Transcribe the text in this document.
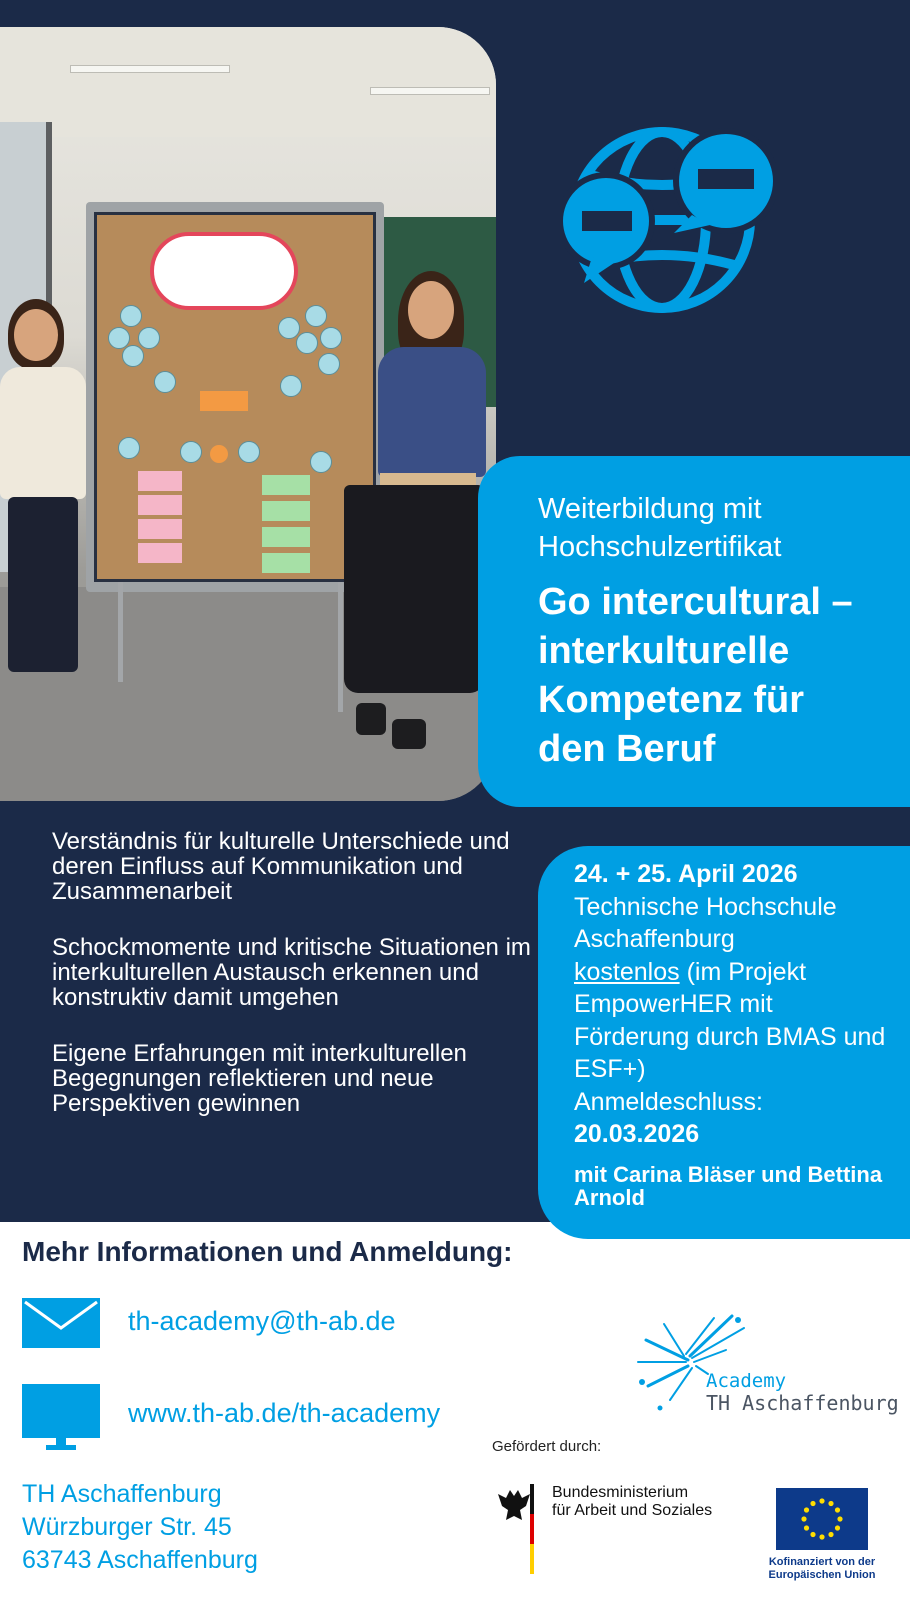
Weiterbildung mit
Hochschulzertifikat
Go intercultural –
interkulturelle
Kompetenz für
den Beruf

Verständnis für kulturelle Unterschiede und deren Einfluss auf Kommunikation und Zusammenarbeit

Schockmomente und kritische Situationen im interkulturellen Austausch erkennen und konstruktiv damit umgehen

Eigene Erfahrungen mit interkulturellen Begegnungen reflektieren und neue Perspektiven gewinnen

24. + 25. April 2026
Technische Hochschule
Aschaffenburg
kostenlos (im Projekt EmpowerHER mit Förderung durch BMAS und ESF+)
Anmeldeschluss:
20.03.2026
mit Carina Bläser und Bettina Arnold
Mehr Informationen und Anmeldung:
th-academy@th-ab.de
www.th-ab.de/th-academy
TH Aschaffenburg
Würzburger Str. 45
63743 Aschaffenburg
Academy
TH Aschaffenburg
Gefördert durch:
Bundesministerium
für Arbeit und Soziales
Kofinanziert von der
Europäischen Union
